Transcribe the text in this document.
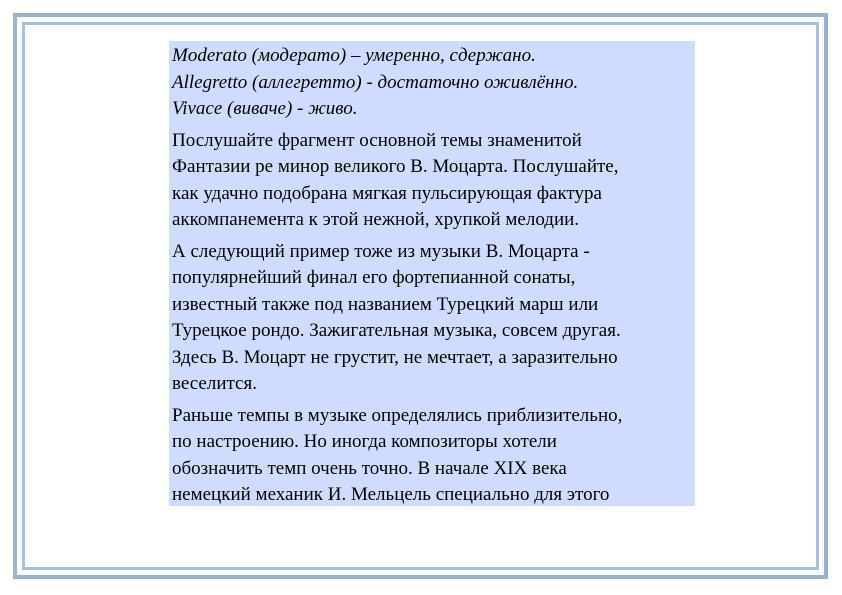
Moderato (модерато) – умеренно, сдержано.

Allegretto (аллегретто) - достаточно оживлённо.

Vivace (виваче) - живо.

Послушайте фрагмент основной темы знаменитой
Фантазии ре минор великого В. Моцарта. Послушайте,
как удачно подобрана мягкая пульсирующая фактура
аккомпанемента к этой нежной, хрупкой мелодии.
А следующий пример тоже из музыки В. Моцарта -
популярнейший финал его фортепианной сонаты,
известный также под названием Турецкий марш или
Турецкое рондо. Зажигательная музыка, совсем другая.
Здесь В. Моцарт не грустит, не мечтает, а заразительно
веселится.
Раньше темпы в музыке определялись приблизительно,
по настроению. Но иногда композиторы хотели
обозначить темп очень точно. В начале XIX века
немецкий механик И. Мельцель специально для этого
